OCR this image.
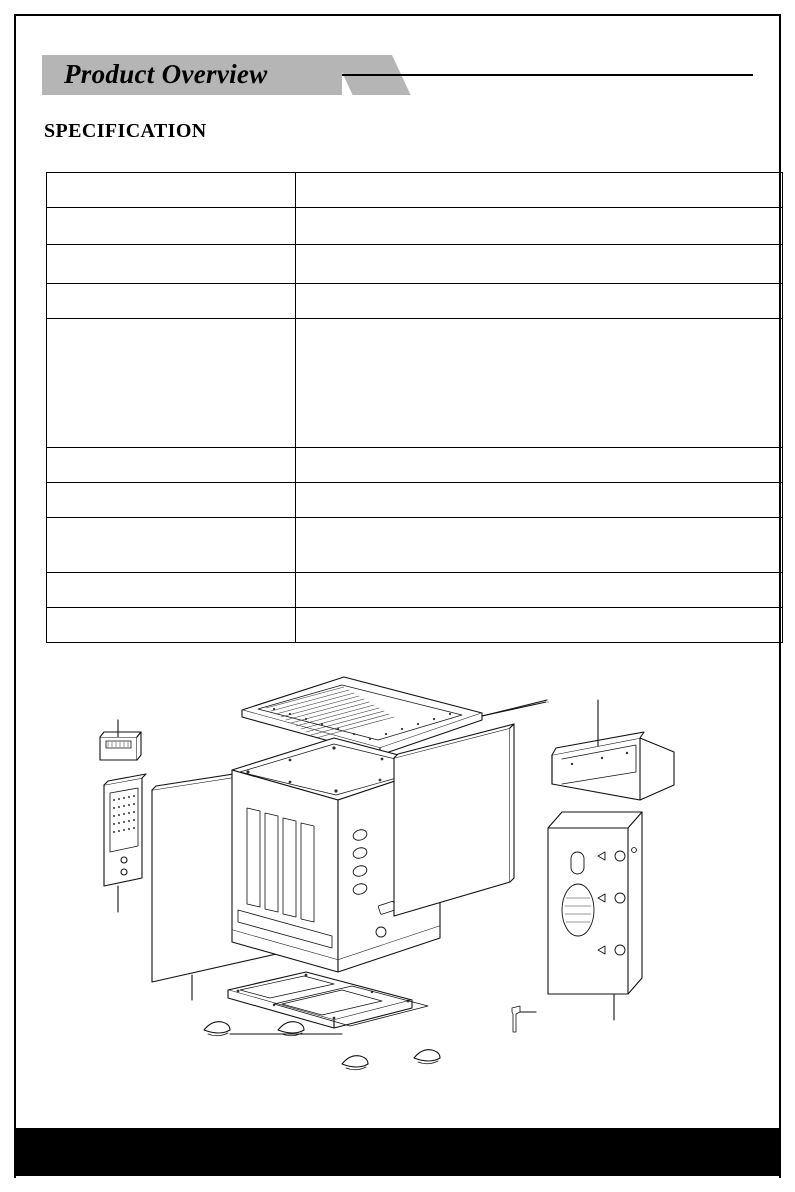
Product Overview
SPECIFICATION
